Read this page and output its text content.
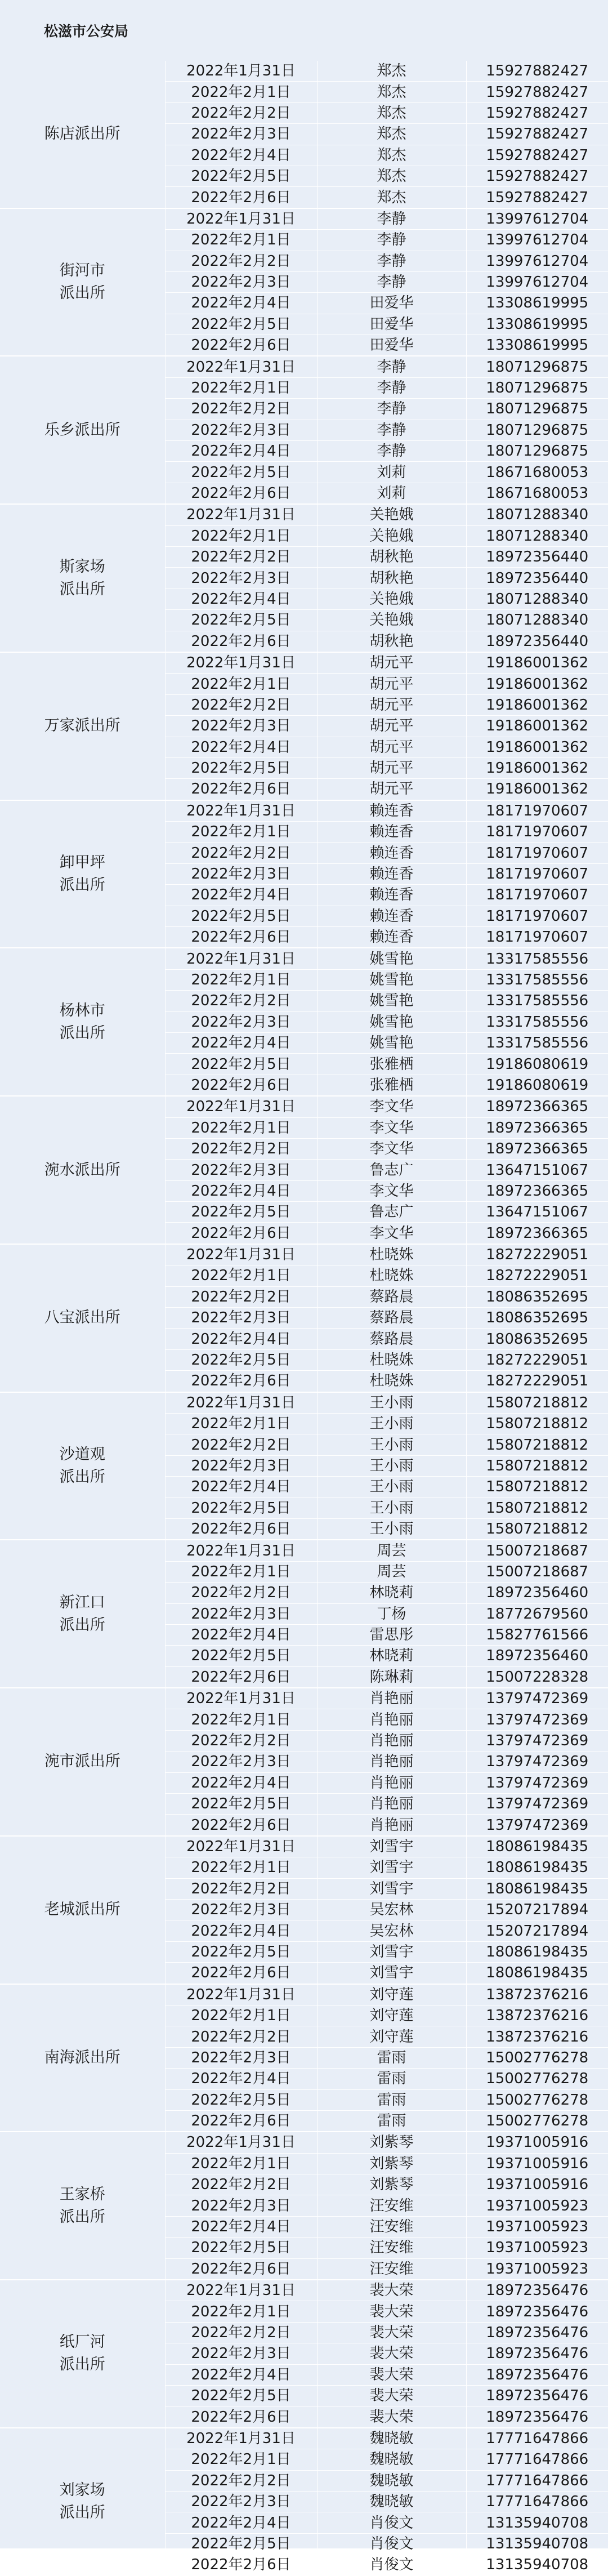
松滋市公安局
陈店派出所	2022年1月31日	郑杰	15927882427
	2022年2月1日	郑杰	15927882427
	2022年2月2日	郑杰	15927882427
	2022年2月3日	郑杰	15927882427
	2022年2月4日	郑杰	15927882427
	2022年2月5日	郑杰	15927882427
	2022年2月6日	郑杰	15927882427
街河市
派出所	2022年1月31日	李静	13997612704
	2022年2月1日	李静	13997612704
	2022年2月2日	李静	13997612704
	2022年2月3日	李静	13997612704
	2022年2月4日	田爱华	13308619995
	2022年2月5日	田爱华	13308619995
	2022年2月6日	田爱华	13308619995
乐乡派出所	2022年1月31日	李静	18071296875
	2022年2月1日	李静	18071296875
	2022年2月2日	李静	18071296875
	2022年2月3日	李静	18071296875
	2022年2月4日	李静	18071296875
	2022年2月5日	刘莉	18671680053
	2022年2月6日	刘莉	18671680053
斯家场
派出所	2022年1月31日	关艳娥	18071288340
	2022年2月1日	关艳娥	18071288340
	2022年2月2日	胡秋艳	18972356440
	2022年2月3日	胡秋艳	18972356440
	2022年2月4日	关艳娥	18071288340
	2022年2月5日	关艳娥	18071288340
	2022年2月6日	胡秋艳	18972356440
万家派出所	2022年1月31日	胡元平	19186001362
	2022年2月1日	胡元平	19186001362
	2022年2月2日	胡元平	19186001362
	2022年2月3日	胡元平	19186001362
	2022年2月4日	胡元平	19186001362
	2022年2月5日	胡元平	19186001362
	2022年2月6日	胡元平	19186001362
卸甲坪
派出所	2022年1月31日	赖连香	18171970607
	2022年2月1日	赖连香	18171970607
	2022年2月2日	赖连香	18171970607
	2022年2月3日	赖连香	18171970607
	2022年2月4日	赖连香	18171970607
	2022年2月5日	赖连香	18171970607
	2022年2月6日	赖连香	18171970607
杨林市
派出所	2022年1月31日	姚雪艳	13317585556
	2022年2月1日	姚雪艳	13317585556
	2022年2月2日	姚雪艳	13317585556
	2022年2月3日	姚雪艳	13317585556
	2022年2月4日	姚雪艳	13317585556
	2022年2月5日	张雅栖	19186080619
	2022年2月6日	张雅栖	19186080619
涴水派出所	2022年1月31日	李文华	18972366365
	2022年2月1日	李文华	18972366365
	2022年2月2日	李文华	18972366365
	2022年2月3日	鲁志广	13647151067
	2022年2月4日	李文华	18972366365
	2022年2月5日	鲁志广	13647151067
	2022年2月6日	李文华	18972366365
八宝派出所	2022年1月31日	杜晓姝	18272229051
	2022年2月1日	杜晓姝	18272229051
	2022年2月2日	蔡路晨	18086352695
	2022年2月3日	蔡路晨	18086352695
	2022年2月4日	蔡路晨	18086352695
	2022年2月5日	杜晓姝	18272229051
	2022年2月6日	杜晓姝	18272229051
沙道观
派出所	2022年1月31日	王小雨	15807218812
	2022年2月1日	王小雨	15807218812
	2022年2月2日	王小雨	15807218812
	2022年2月3日	王小雨	15807218812
	2022年2月4日	王小雨	15807218812
	2022年2月5日	王小雨	15807218812
	2022年2月6日	王小雨	15807218812
新江口
派出所	2022年1月31日	周芸	15007218687
	2022年2月1日	周芸	15007218687
	2022年2月2日	林晓莉	18972356460
	2022年2月3日	丁杨	18772679560
	2022年2月4日	雷思彤	15827761566
	2022年2月5日	林晓莉	18972356460
	2022年2月6日	陈琳莉	15007228328
涴市派出所	2022年1月31日	肖艳丽	13797472369
	2022年2月1日	肖艳丽	13797472369
	2022年2月2日	肖艳丽	13797472369
	2022年2月3日	肖艳丽	13797472369
	2022年2月4日	肖艳丽	13797472369
	2022年2月5日	肖艳丽	13797472369
	2022年2月6日	肖艳丽	13797472369
老城派出所	2022年1月31日	刘雪宇	18086198435
	2022年2月1日	刘雪宇	18086198435
	2022年2月2日	刘雪宇	18086198435
	2022年2月3日	吴宏林	15207217894
	2022年2月4日	吴宏林	15207217894
	2022年2月5日	刘雪宇	18086198435
	2022年2月6日	刘雪宇	18086198435
南海派出所	2022年1月31日	刘守莲	13872376216
	2022年2月1日	刘守莲	13872376216
	2022年2月2日	刘守莲	13872376216
	2022年2月3日	雷雨	15002776278
	2022年2月4日	雷雨	15002776278
	2022年2月5日	雷雨	15002776278
	2022年2月6日	雷雨	15002776278
王家桥
派出所	2022年1月31日	刘紫琴	19371005916
	2022年2月1日	刘紫琴	19371005916
	2022年2月2日	刘紫琴	19371005916
	2022年2月3日	汪安维	19371005923
	2022年2月4日	汪安维	19371005923
	2022年2月5日	汪安维	19371005923
	2022年2月6日	汪安维	19371005923
纸厂河
派出所	2022年1月31日	裴大荣	18972356476
	2022年2月1日	裴大荣	18972356476
	2022年2月2日	裴大荣	18972356476
	2022年2月3日	裴大荣	18972356476
	2022年2月4日	裴大荣	18972356476
	2022年2月5日	裴大荣	18972356476
	2022年2月6日	裴大荣	18972356476
刘家场
派出所	2022年1月31日	魏晓敏	17771647866
	2022年2月1日	魏晓敏	17771647866
	2022年2月2日	魏晓敏	17771647866
	2022年2月3日	魏晓敏	17771647866
	2022年2月4日	肖俊文	13135940708
	2022年2月5日	肖俊文	13135940708
	2022年2月6日	肖俊文	13135940708
